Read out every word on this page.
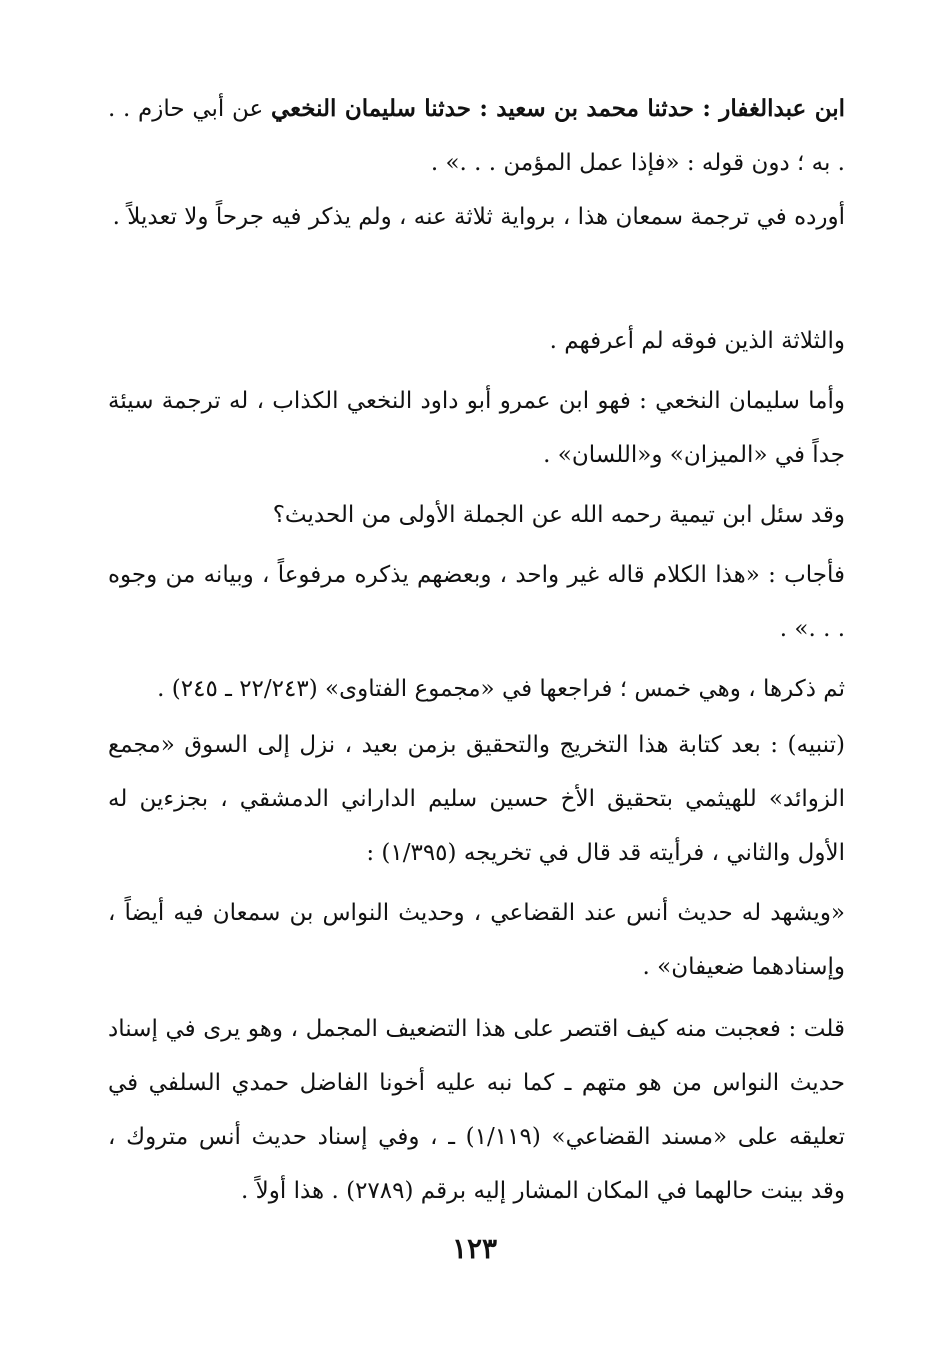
ابن عبدالغفار : حدثنا محمد بن سعيد : حدثنا سليمان النخعي عن أبي حازم . . . به ؛ دون قوله : «فإذا عمل المؤمن . . .» .

أورده في ترجمة سمعان هذا ، برواية ثلاثة عنه ، ولم يذكر فيه جرحاً ولا تعديلاً .

والثلاثة الذين فوقه لم أعرفهم .

وأما سليمان النخعي : فهو ابن عمرو أبو داود النخعي الكذاب ، له ترجمة سيئة جداً في «الميزان» و«اللسان» .

وقد سئل ابن تيمية رحمه الله عن الجملة الأولى من الحديث؟

فأجاب : «هذا الكلام قاله غير واحد ، وبعضهم يذكره مرفوعاً ، وبيانه من وجوه . . .» .

ثم ذكرها ، وهي خمس ؛ فراجعها في «مجموع الفتاوى» (٢٢/٢٤٣ ـ ٢٤٥) .

(تنبيه) : بعد كتابة هذا التخريج والتحقيق بزمن بعيد ، نزل إلى السوق «مجمع الزوائد» للهيثمي بتحقيق الأخ حسين سليم الداراني الدمشقي ، بجزءين له الأول والثاني ، فرأيته قد قال في تخريجه (١/٣٩٥) :

«ويشهد له حديث أنس عند القضاعي ، وحديث النواس بن سمعان فيه أيضاً ، وإسنادهما ضعيفان» .

قلت : فعجبت منه كيف اقتصر على هذا التضعيف المجمل ، وهو يرى في إسناد حديث النواس من هو متهم ـ كما نبه عليه أخونا الفاضل حمدي السلفي في تعليقه على «مسند القضاعي» (١/١١٩) ـ ، وفي إسناد حديث أنس متروك ، وقد بينت حالهما في المكان المشار إليه برقم (٢٧٨٩) . هذا أولاً .

١٢٣
